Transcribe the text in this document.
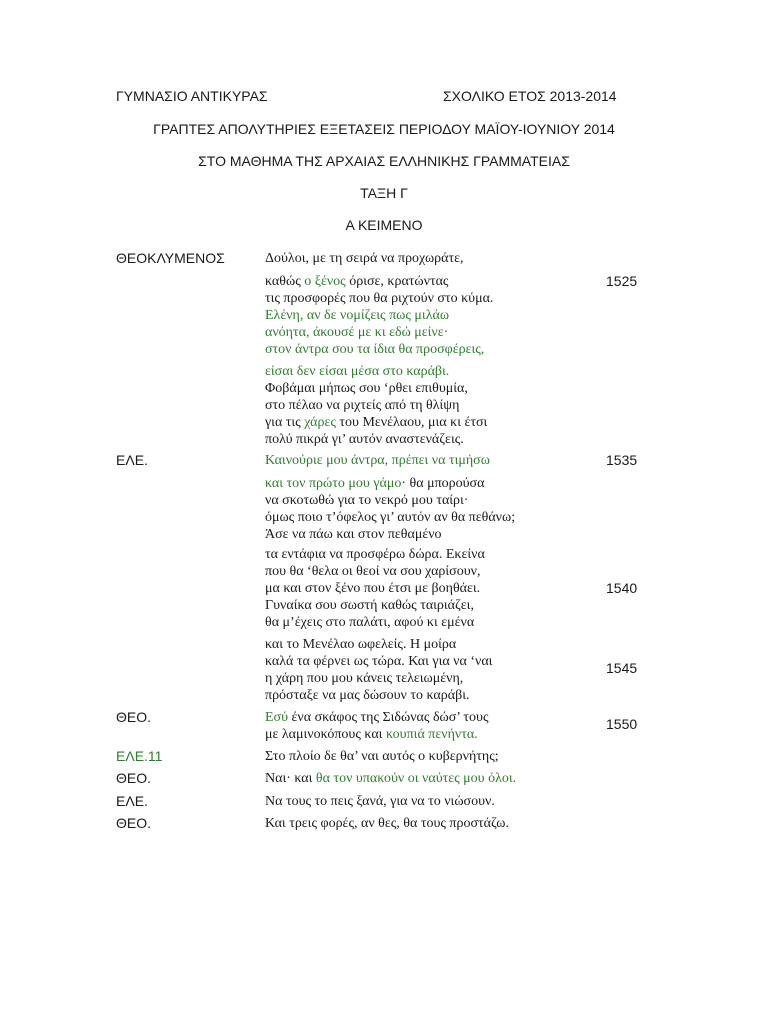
ΓΥΜΝΑΣΙΟ ΑΝΤΙΚΥΡΑΣ	ΣΧΟΛΙΚΟ ΕΤΟΣ 2013-2014
ΓΡΑΠΤΕΣ ΑΠΟΛΥΤΗΡΙΕΣ ΕΞΕΤΑΣΕΙΣ ΠΕΡΙΟΔΟΥ ΜΑΪΟΥ-ΙΟΥΝΙΟΥ 2014
ΣΤΟ ΜΑΘΗΜΑ ΤΗΣ ΑΡΧΑΙΑΣ ΕΛΛΗΝΙΚΗΣ ΓΡΑΜΜΑΤΕΙΑΣ
ΤΑΞΗ Γ
Α ΚΕΙΜΕΝΟ
ΘΕΟΚΛΥΜΕΝΟΣ
ΕΛΕ.
ΘΕΟ.
ΕΛΕ.11
ΘΕΟ.
ΕΛΕ.
ΘΕΟ.
1525
1535
1540
1545
1550
Δούλοι, με τη σειρά να προχωράτε,
καθώς ο ξένος όρισε, κρατώντας
τις προσφορές που θα ριχτούν στο κύμα.
Ελένη, αν δε νομίζεις πως μιλάω
ανόητα, άκουσέ με κι εδώ μείνε·
στον άντρα σου τα ίδια θα προσφέρεις,
είσαι δεν είσαι μέσα στο καράβι.
Φοβάμαι μήπως σου ‘ρθει επιθυμία,
στο πέλαο να ριχτείς από τη θλίψη
για τις χάρες του Μενέλαου, μια κι έτσι
πολύ πικρά γι’ αυτόν αναστενάζεις.
Καινούριε μου άντρα, πρέπει να τιμήσω
και τον πρώτο μου γάμο· θα μπορούσα
να σκοτωθώ για το νεκρό μου ταίρι·
όμως ποιο τ’όφελος γι’ αυτόν αν θα πεθάνω;
Άσε να πάω και στον πεθαμένο
τα εντάφια να προσφέρω δώρα. Εκείνα
που θα ‘θελα οι θεοί να σου χαρίσουν,
μα και στον ξένο που έτσι με βοηθάει.
Γυναίκα σου σωστή καθώς ταιριάζει,
θα μ’έχεις στο παλάτι, αφού κι εμένα
και το Μενέλαο ωφελείς. Η μοίρα
καλά τα φέρνει ως τώρα. Και για να ‘ναι
η χάρη που μου κάνεις τελειωμένη,
πρόσταξε να μας δώσουν το καράβι.
Εσύ ένα σκάφος της Σιδώνας δώσ’ τους
με λαμινοκόπους και κουπιά πενήντα.
Στο πλοίο δε θα’ ναι αυτός ο κυβερνήτης;
Ναι· και θα τον υπακούν οι ναύτες μου όλοι.
Να τους το πεις ξανά, για να το νιώσουν.
Και τρεις φορές, αν θες, θα τους προστάζω.
